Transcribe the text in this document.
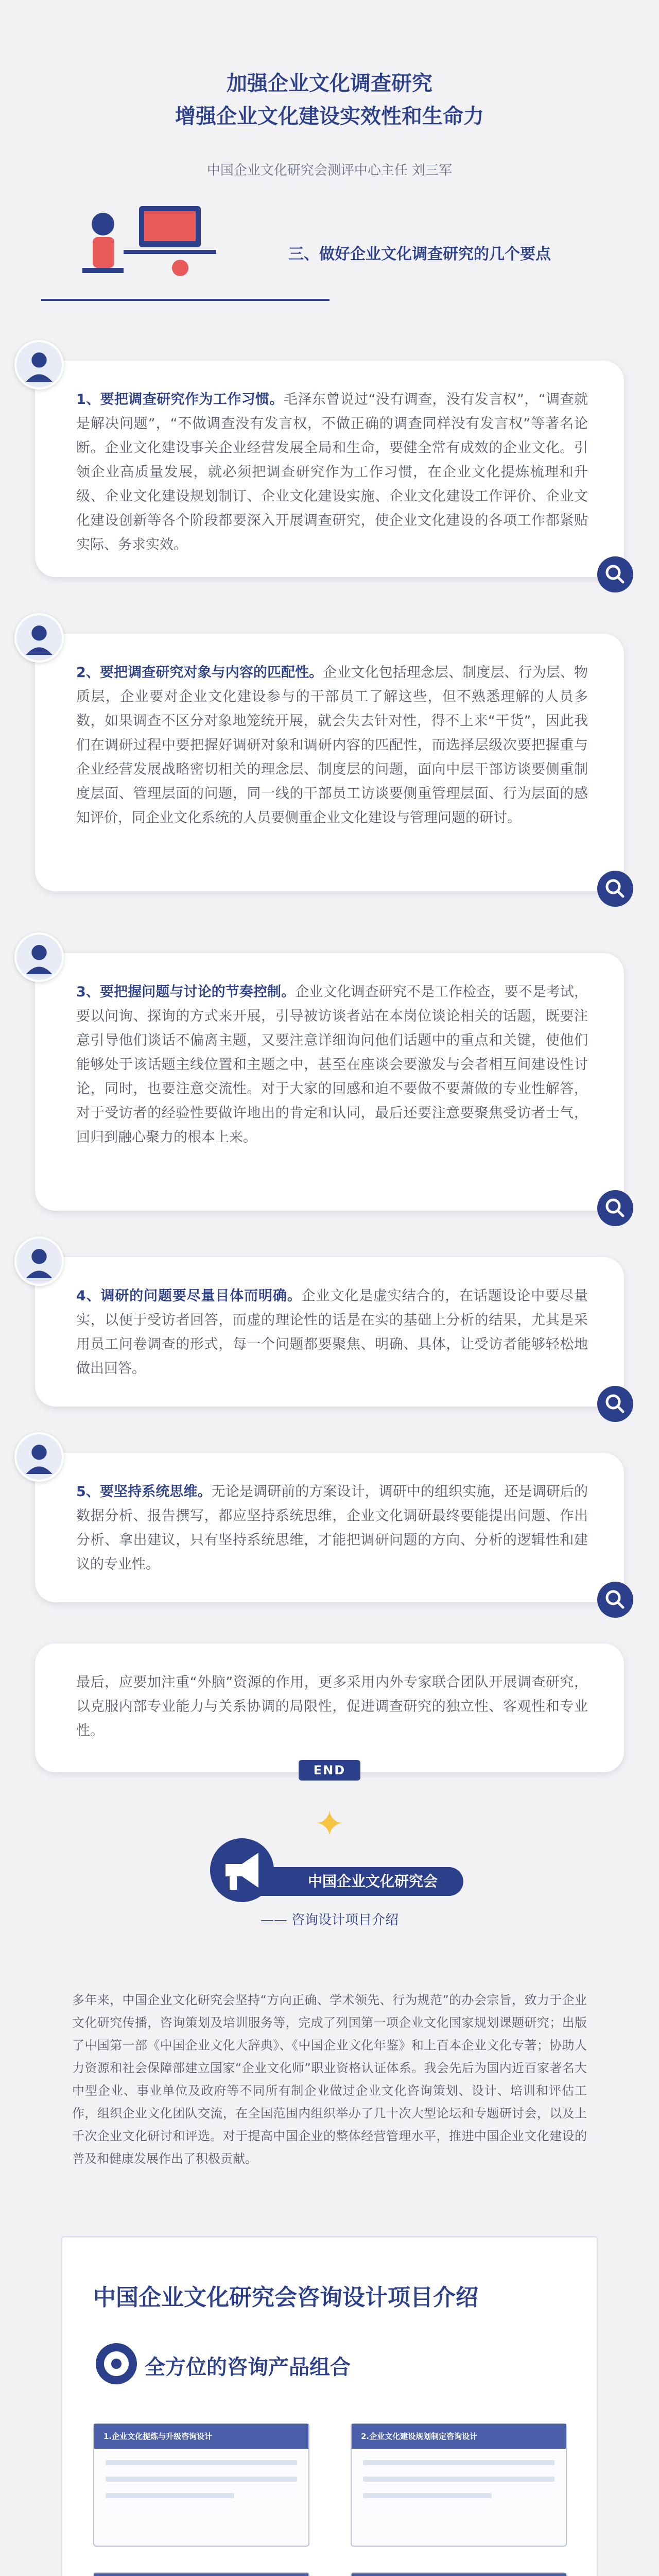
加强企业文化调查研究
增强企业文化建设实效性和生命力
中国企业文化研究会测评中心主任 刘三军
三、做好企业文化调查研究的几个要点
1、要把调查研究作为工作习惯。毛泽东曾说过“没有调查，没有发言权”，“调查就是解决问题”，“不做调查没有发言权，不做正确的调查同样没有发言权”等著名论断。企业文化建设事关企业经营发展全局和生命，要健全常有成效的企业文化。引领企业高质量发展，就必须把调查研究作为工作习惯，在企业文化提炼梳理和升级、企业文化建设规划制订、企业文化建设实施、企业文化建设工作评价、企业文化建设创新等各个阶段都要深入开展调查研究，使企业文化建设的各项工作都紧贴实际、务求实效。
2、要把调查研究对象与内容的匹配性。企业文化包括理念层、制度层、行为层、物质层，企业要对企业文化建设参与的干部员工了解这些，但不熟悉理解的人员多数，如果调查不区分对象地笼统开展，就会失去针对性，得不上来“干货”，因此我们在调研过程中要把握好调研对象和调研内容的匹配性，而选择层级次要把握重与企业经营发展战略密切相关的理念层、制度层的问题，面向中层干部访谈要侧重制度层面、管理层面的问题，同一线的干部员工访谈要侧重管理层面、行为层面的感知评价，同企业文化系统的人员要侧重企业文化建设与管理问题的研讨。
3、要把握问题与讨论的节奏控制。企业文化调查研究不是工作检查，要不是考试，要以问询、探询的方式来开展，引导被访谈者站在本岗位谈论相关的话题，既要注意引导他们谈话不偏离主题，又要注意详细询问他们话题中的重点和关键，使他们能够处于该话题主线位置和主题之中，甚至在座谈会要激发与会者相互间建设性讨论，同时，也要注意交流性。对于大家的回感和迫不要做不要萧做的专业性解答，对于受访者的经验性要做许地出的肯定和认同，最后还要注意要聚焦受访者士气，回归到融心聚力的根本上来。
4、调研的问题要尽量目体而明确。企业文化是虚实结合的，在话题设论中要尽量实，以便于受访者回答，而虚的理论性的话是在实的基础上分析的结果，尤其是采用员工问卷调查的形式，每一个问题都要聚焦、明确、具体，让受访者能够轻松地做出回答。
5、要坚持系统思维。无论是调研前的方案设计，调研中的组织实施，还是调研后的数据分析、报告撰写，都应坚持系统思维，企业文化调研最终要能提出问题、作出分析、拿出建议，只有坚持系统思维，才能把调研问题的方向、分析的逻辑性和建议的专业性。
最后，应要加注重“外脑”资源的作用，更多采用内外专家联合团队开展调查研究，以克服内部专业能力与关系协调的局限性，促进调查研究的独立性、客观性和专业性。
END
✦
中国企业文化研究会
—— 咨询设计项目介绍
多年来，中国企业文化研究会坚持“方向正确、学术领先、行为规范”的办会宗旨，致力于企业文化研究传播，咨询策划及培训服务等，完成了列国第一项企业文化国家规划课题研究；出版了中国第一部《中国企业文化大辞典》、《中国企业文化年鉴》和上百本企业文化专著；协助人力资源和社会保障部建立国家“企业文化师”职业资格认证体系。我会先后为国内近百家著名大中型企业、事业单位及政府等不同所有制企业做过企业文化咨询策划、设计、培训和评估工作，组织企业文化团队交流，在全国范围内组织举办了几十次大型论坛和专题研讨会，以及上千次企业文化研讨和评选。对于提高中国企业的整体经营管理水平，推进中国企业文化建设的普及和健康发展作出了积极贡献。
中国企业文化研究会咨询设计项目介绍
全方位的咨询产品组合
1.企业文化提炼与升级咨询设计	2.企业文化建设规划制定咨询设计
